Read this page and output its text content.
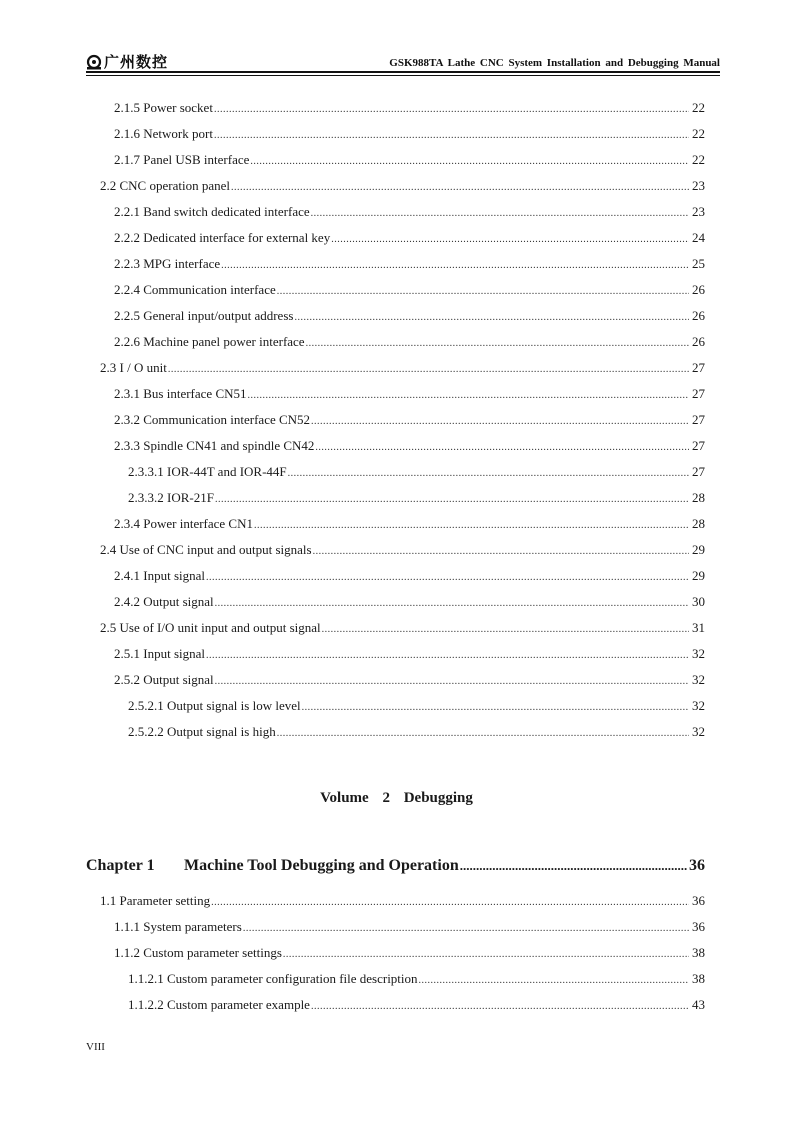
广州数控	GSK988TA Lathe CNC System Installation and Debugging Manual
2.1.5 Power socket .....	22
2.1.6 Network port .....	22
2.1.7 Panel USB interface .....	22
2.2 CNC operation panel .....	23
2.2.1 Band switch dedicated interface .....	23
2.2.2 Dedicated interface for external key .....	24
2.2.3 MPG interface .....	25
2.2.4 Communication interface .....	26
2.2.5 General input/output address .....	26
2.2.6 Machine panel power interface .....	26
2.3 I / O unit .....	27
2.3.1 Bus interface CN51 .....	27
2.3.2 Communication interface CN52 .....	27
2.3.3 Spindle CN41 and spindle CN42 .....	27
2.3.3.1 IOR-44T and IOR-44F .....	27
2.3.3.2 IOR-21F .....	28
2.3.4 Power interface CN1 .....	28
2.4 Use of CNC input and output signals .....	29
2.4.1 Input signal .....	29
2.4.2 Output signal .....	30
2.5 Use of I/O unit input and output signal .....	31
2.5.1 Input signal .....	32
2.5.2 Output signal .....	32
2.5.2.1 Output signal is low level .....	32
2.5.2.2 Output signal is high .....	32
Volume 2 Debugging
Chapter 1	Machine Tool Debugging and Operation .....	36
1.1 Parameter setting .....	36
1.1.1 System parameters .....	36
1.1.2 Custom parameter settings .....	38
1.1.2.1 Custom parameter configuration file description .....	38
1.1.2.2 Custom parameter example .....	43
VIII
